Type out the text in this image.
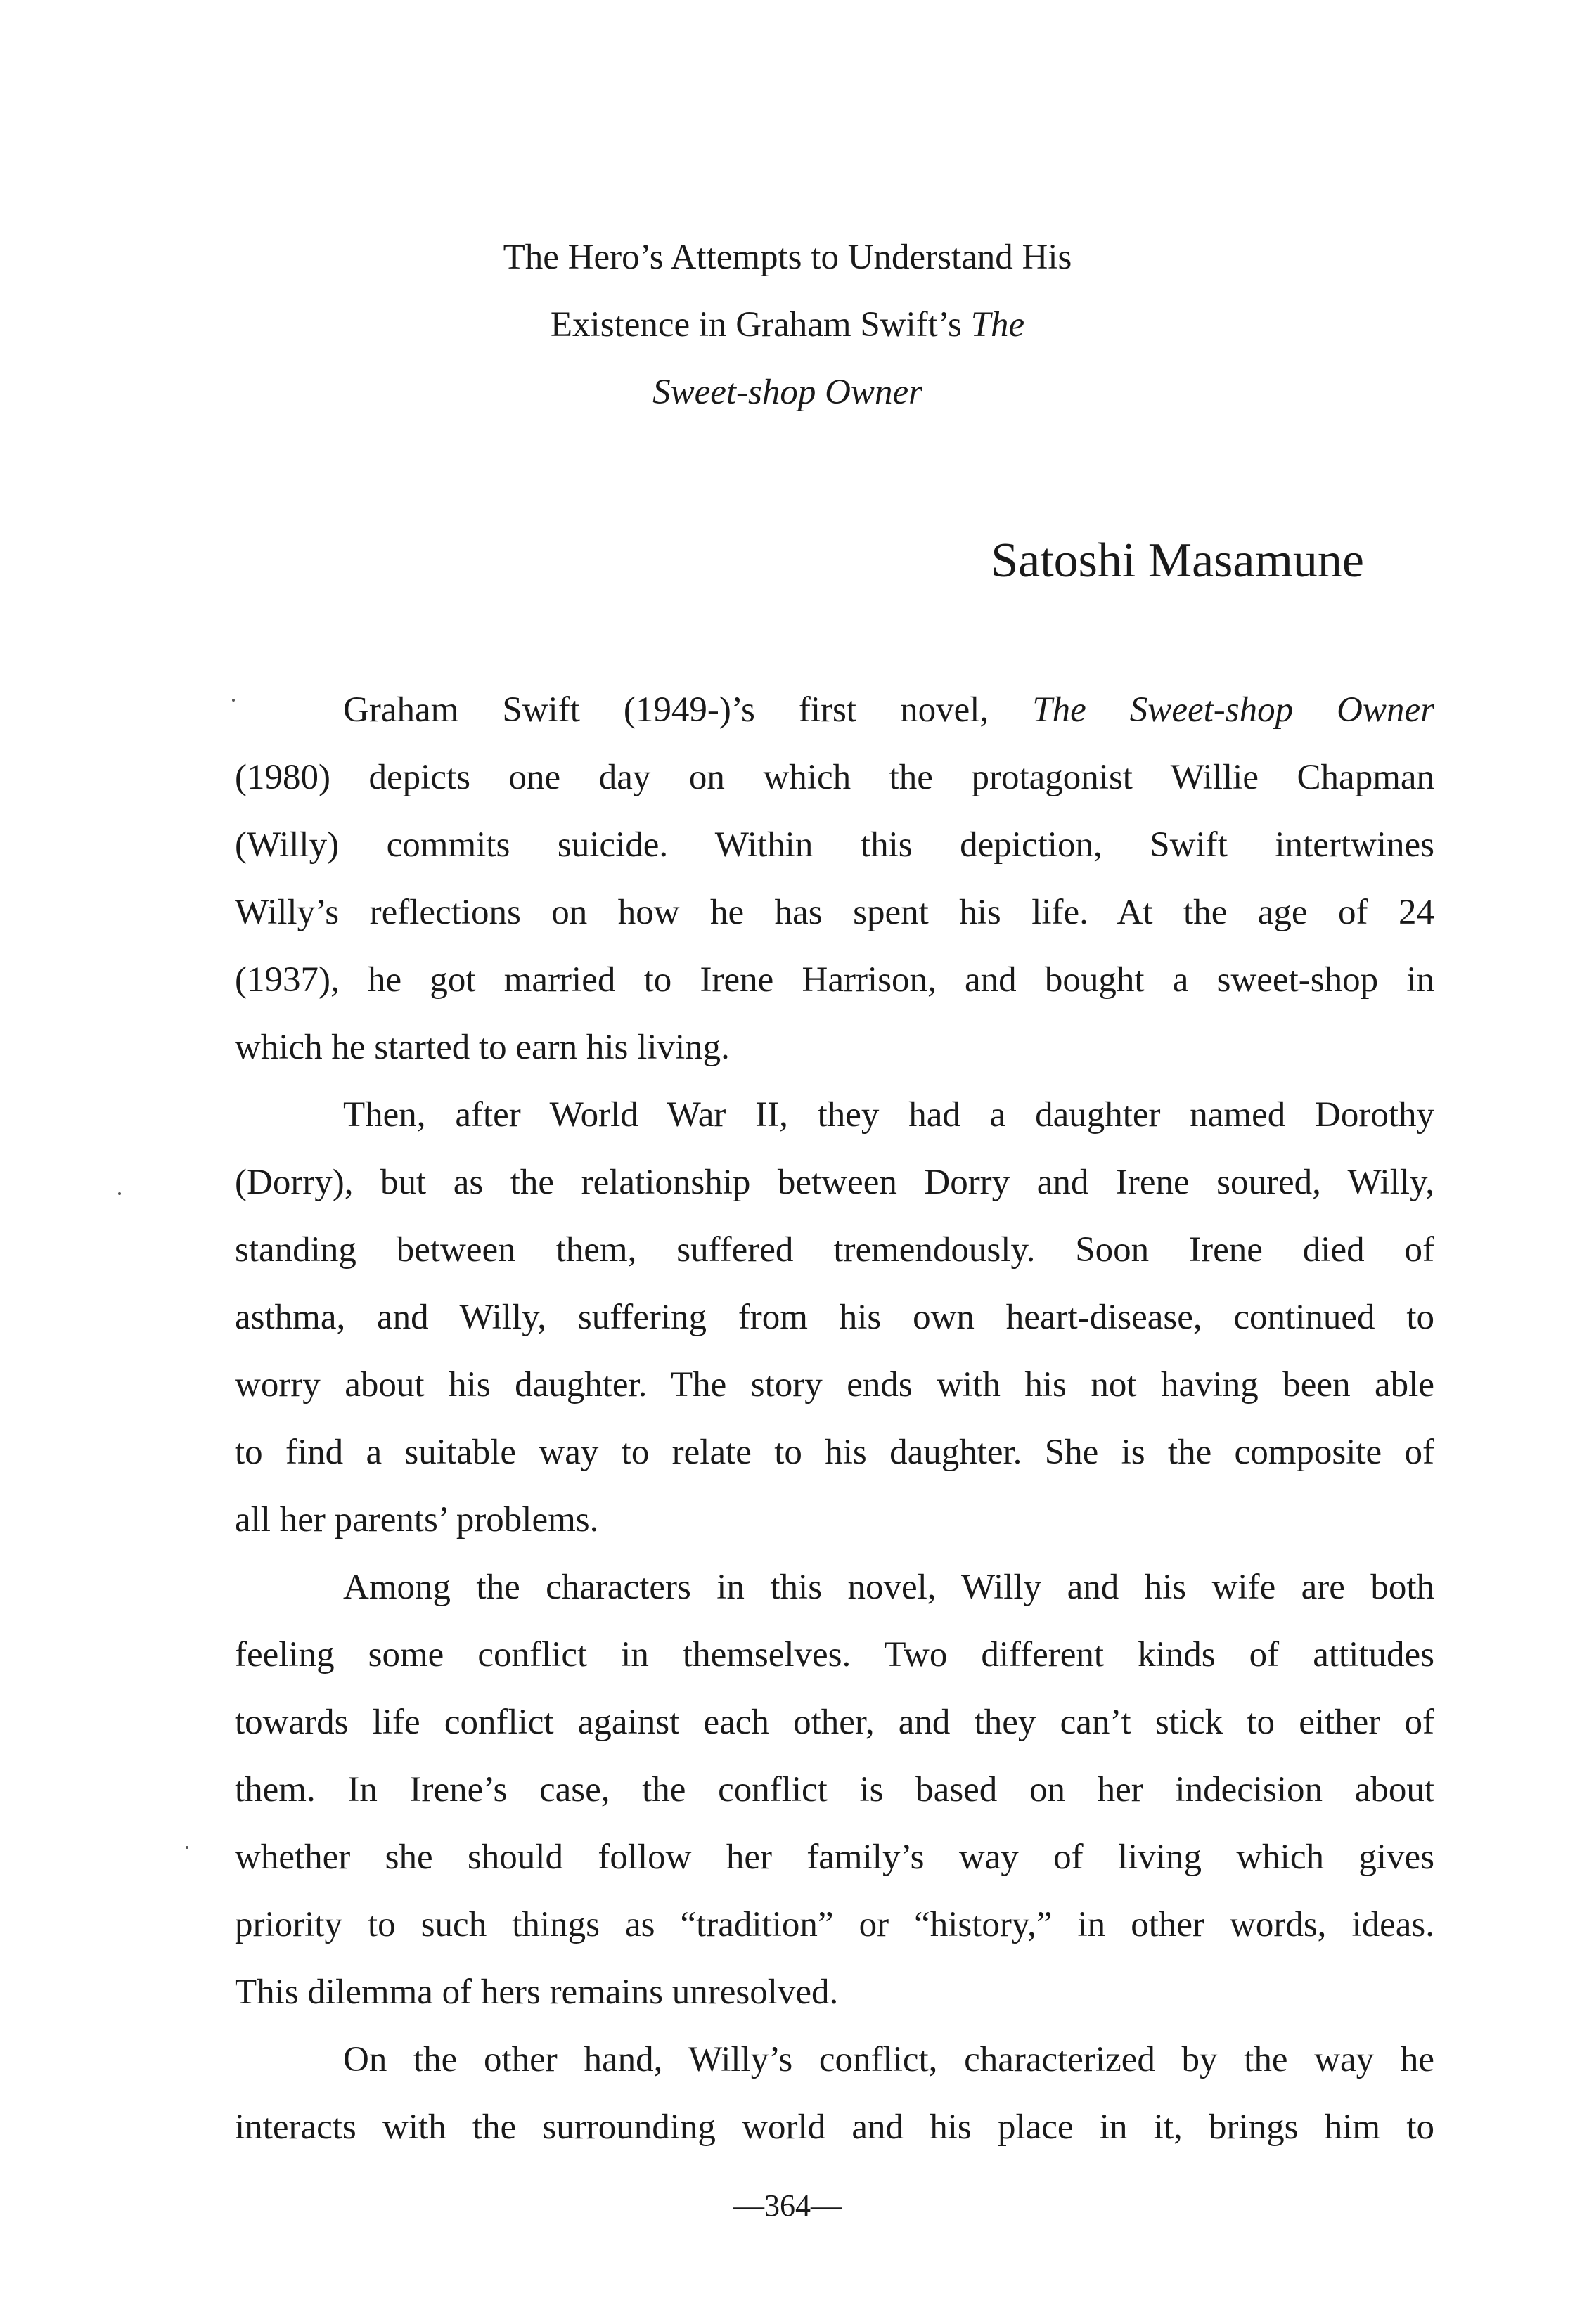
The Hero’s Attempts to Understand His
Existence in Graham Swift’s The
Sweet-shop Owner
Satoshi Masamune
Graham Swift (1949-)’s first novel, The Sweet-shop Owner
(1980) depicts one day on which the protagonist Willie Chapman
(Willy) commits suicide. Within this depiction, Swift intertwines
Willy’s reflections on how he has spent his life. At the age of 24
(1937), he got married to Irene Harrison, and bought a sweet-shop in
which he started to earn his living.
Then, after World War II, they had a daughter named Dorothy
(Dorry), but as the relationship between Dorry and Irene soured, Willy,
standing between them, suffered tremendously. Soon Irene died of
asthma, and Willy, suffering from his own heart-disease, continued to
worry about his daughter. The story ends with his not having been able
to find a suitable way to relate to his daughter. She is the composite of
all her parents’ problems.
Among the characters in this novel, Willy and his wife are both
feeling some conflict in themselves. Two different kinds of attitudes
towards life conflict against each other, and they can’t stick to either of
them. In Irene’s case, the conflict is based on her indecision about
whether she should follow her family’s way of living which gives
priority to such things as “tradition” or “history,” in other words, ideas.
This dilemma of hers remains unresolved.
On the other hand, Willy’s conflict, characterized by the way he
interacts with the surrounding world and his place in it, brings him to
—364—
